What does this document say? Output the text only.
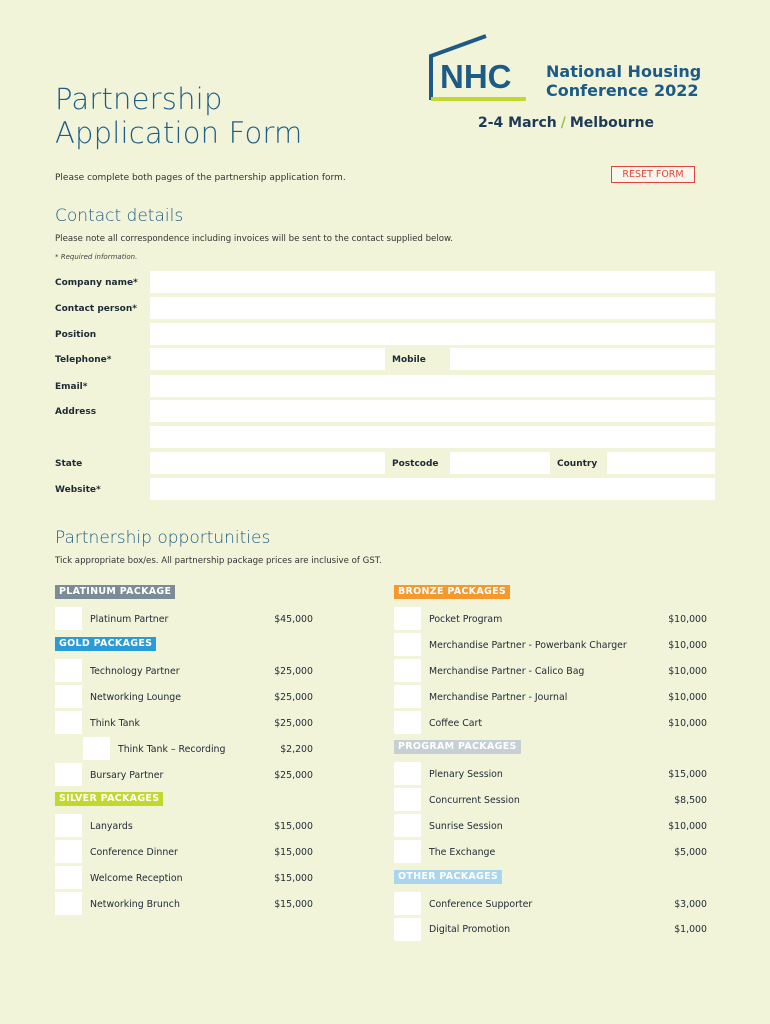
Partnership
Application Form
NHC National Housing
Conference 2022
2-4 March / Melbourne
Please complete both pages of the partnership application form.	RESET FORM
Contact details
Please note all correspondence including invoices will be sent to the contact supplied below.
* Required information.
Company name*
Contact person*
Position
Telephone*	Mobile
Email*
Address
State	Postcode	Country
Website*
Partnership opportunities
Tick appropriate box/es. All partnership package prices are inclusive of GST.
PLATINUM PACKAGE
Platinum Partner	$45,000
GOLD PACKAGES
Technology Partner	$25,000
Networking Lounge	$25,000
Think Tank	$25,000
Think Tank – Recording	$2,200
Bursary Partner	$25,000
SILVER PACKAGES
Lanyards	$15,000
Conference Dinner	$15,000
Welcome Reception	$15,000
Networking Brunch	$15,000
BRONZE PACKAGES
Pocket Program	$10,000
Merchandise Partner - Powerbank Charger	$10,000
Merchandise Partner - Calico Bag	$10,000
Merchandise Partner - Journal	$10,000
Coffee Cart	$10,000
PROGRAM PACKAGES
Plenary Session	$15,000
Concurrent Session	$8,500
Sunrise Session	$10,000
The Exchange	$5,000
OTHER PACKAGES
Conference Supporter	$3,000
Digital Promotion	$1,000
